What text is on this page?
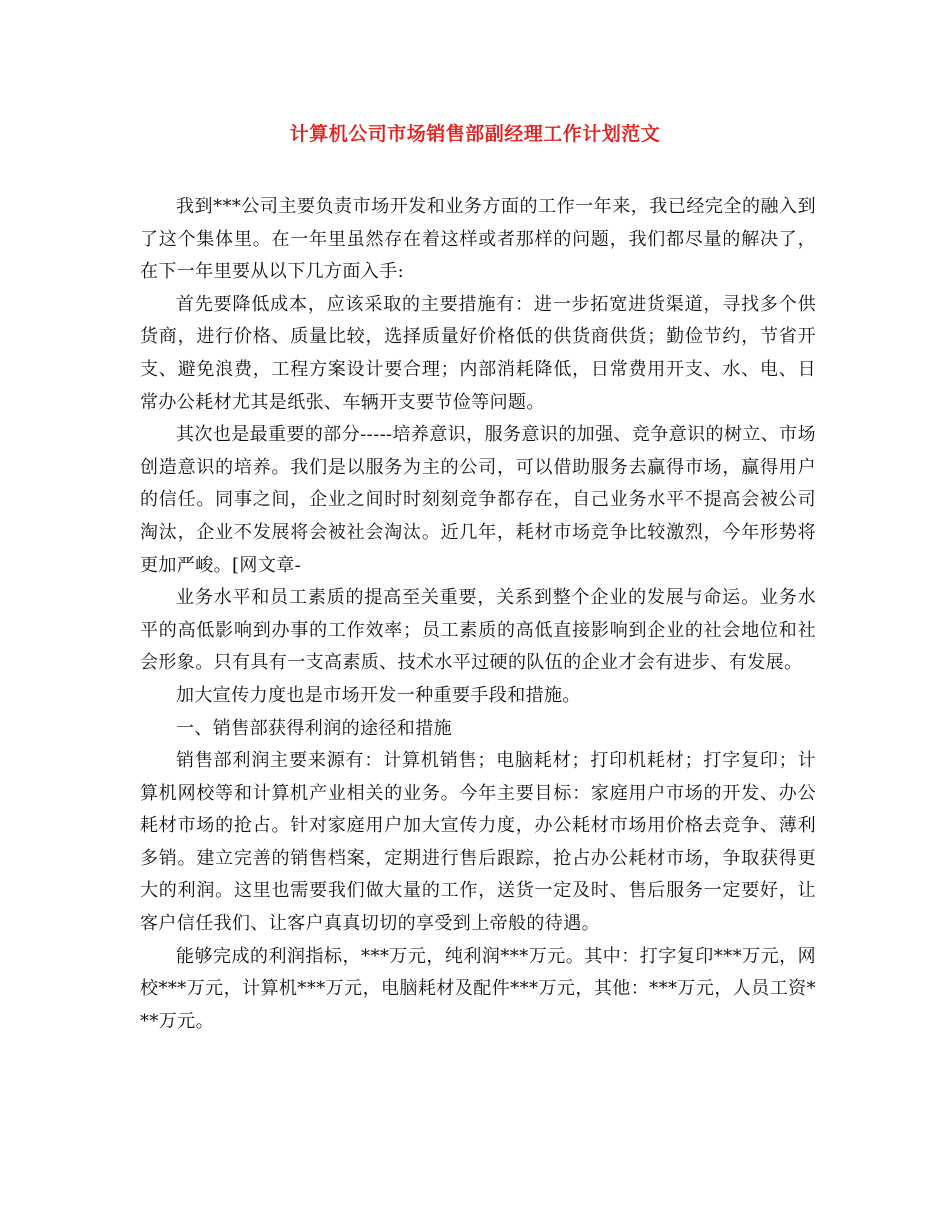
计算机公司市场销售部副经理工作计划范文

我到***公司主要负责市场开发和业务方面的工作一年来，我已经完全的融入到了这个集体里。在一年里虽然存在着这样或者那样的问题，我们都尽量的解决了，在下一年里要从以下几方面入手:

首先要降低成本，应该采取的主要措施有：进一步拓宽进货渠道，寻找多个供货商，进行价格、质量比较，选择质量好价格低的供货商供货；勤俭节约，节省开支、避免浪费，工程方案设计要合理；内部消耗降低，日常费用开支、水、电、日常办公耗材尤其是纸张、车辆开支要节俭等问题。

其次也是最重要的部分-----培养意识，服务意识的加强、竞争意识的树立、市场创造意识的培养。我们是以服务为主的公司，可以借助服务去赢得市场，赢得用户的信任。同事之间，企业之间时时刻刻竞争都存在，自己业务水平不提高会被公司淘汰，企业不发展将会被社会淘汰。近几年，耗材市场竞争比较激烈，今年形势将更加严峻。[网文章-

业务水平和员工素质的提高至关重要，关系到整个企业的发展与命运。业务水平的高低影响到办事的工作效率；员工素质的高低直接影响到企业的社会地位和社会形象。只有具有一支高素质、技术水平过硬的队伍的企业才会有进步、有发展。

加大宣传力度也是市场开发一种重要手段和措施。

一、销售部获得利润的途径和措施

销售部利润主要来源有：计算机销售；电脑耗材；打印机耗材；打字复印；计算机网校等和计算机产业相关的业务。今年主要目标：家庭用户市场的开发、办公耗材市场的抢占。针对家庭用户加大宣传力度，办公耗材市场用价格去竞争、薄利多销。建立完善的销售档案，定期进行售后跟踪，抢占办公耗材市场，争取获得更大的利润。这里也需要我们做大量的工作，送货一定及时、售后服务一定要好，让客户信任我们、让客户真真切切的享受到上帝般的待遇。

能够完成的利润指标，***万元，纯利润***万元。其中：打字复印***万元，网校***万元，计算机***万元，电脑耗材及配件***万元，其他：***万元，人员工资***万元。
